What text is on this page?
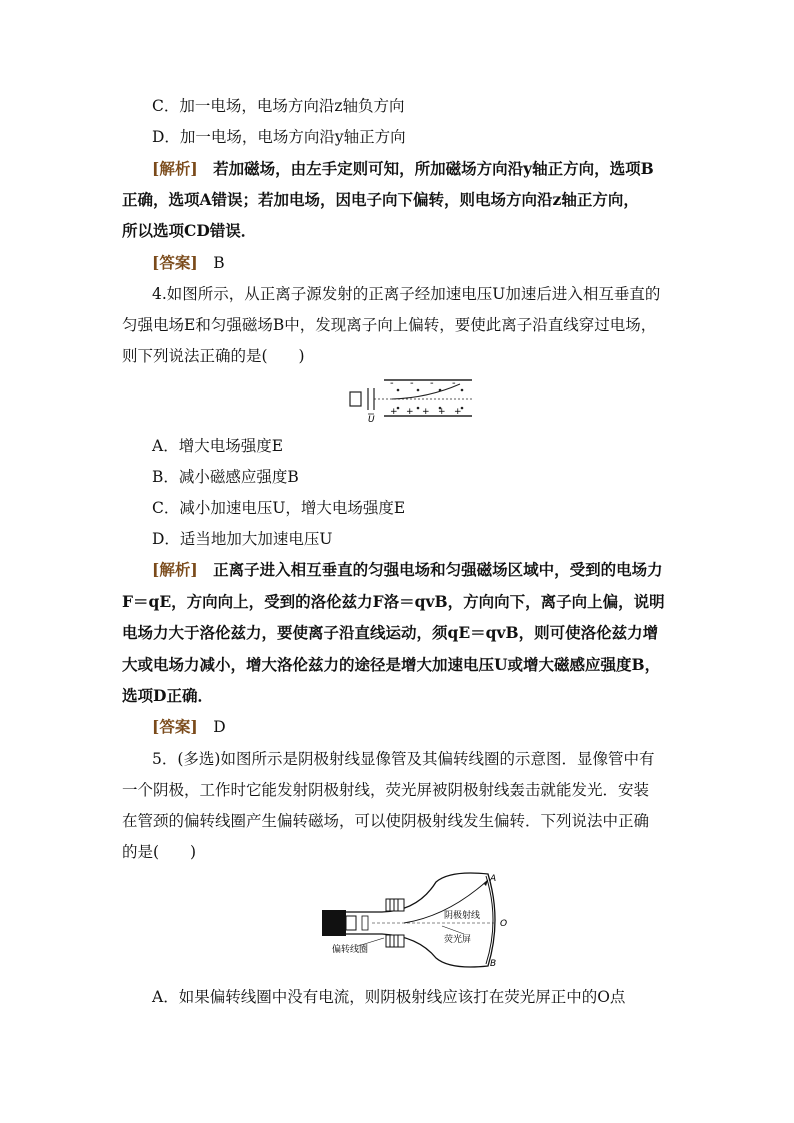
C．加一电场，电场方向沿z轴负方向
D．加一电场，电场方向沿y轴正方向
[解析]　若加磁场，由左手定则可知，所加磁场方向沿y轴正方向，选项B
正确，选项A错误；若加电场，因电子向下偏转，则电场方向沿z轴正方向，
所以选项CD错误．
[答案]　 B
4.如图所示，从正离子源发射的正离子经加速电压U加速后进入相互垂直的
匀强电场E和匀强磁场B中，发现离子向上偏转，要使此离子沿直线穿过电场，
则下列说法正确的是(　　)
U
- - - -
+ + + + +
A．增大电场强度E
B．减小磁感应强度B
C．减小加速电压U，增大电场强度E
D．适当地加大加速电压U
[解析]　正离子进入相互垂直的匀强电场和匀强磁场区域中，受到的电场力
F＝qE，方向向上，受到的洛伦兹力F洛＝qvB，方向向下，离子向上偏，说明
电场力大于洛伦兹力，要使离子沿直线运动，须qE＝qvB，则可使洛伦兹力增
大或电场力减小，增大洛伦兹力的途径是增大加速电压U或增大磁感应强度B，
选项D正确．
[答案]　 D
5．(多选)如图所示是阴极射线显像管及其偏转线圈的示意图．显像管中有
一个阴极，工作时它能发射阴极射线，荧光屏被阴极射线轰击就能发光．安装
在管颈的偏转线圈产生偏转磁场，可以使阴极射线发生偏转．下列说法中正确
的是(　　)
A
O
B
阴极射线
荧光屏
偏转线圈
A．如果偏转线圈中没有电流，则阴极射线应该打在荧光屏正中的O点
